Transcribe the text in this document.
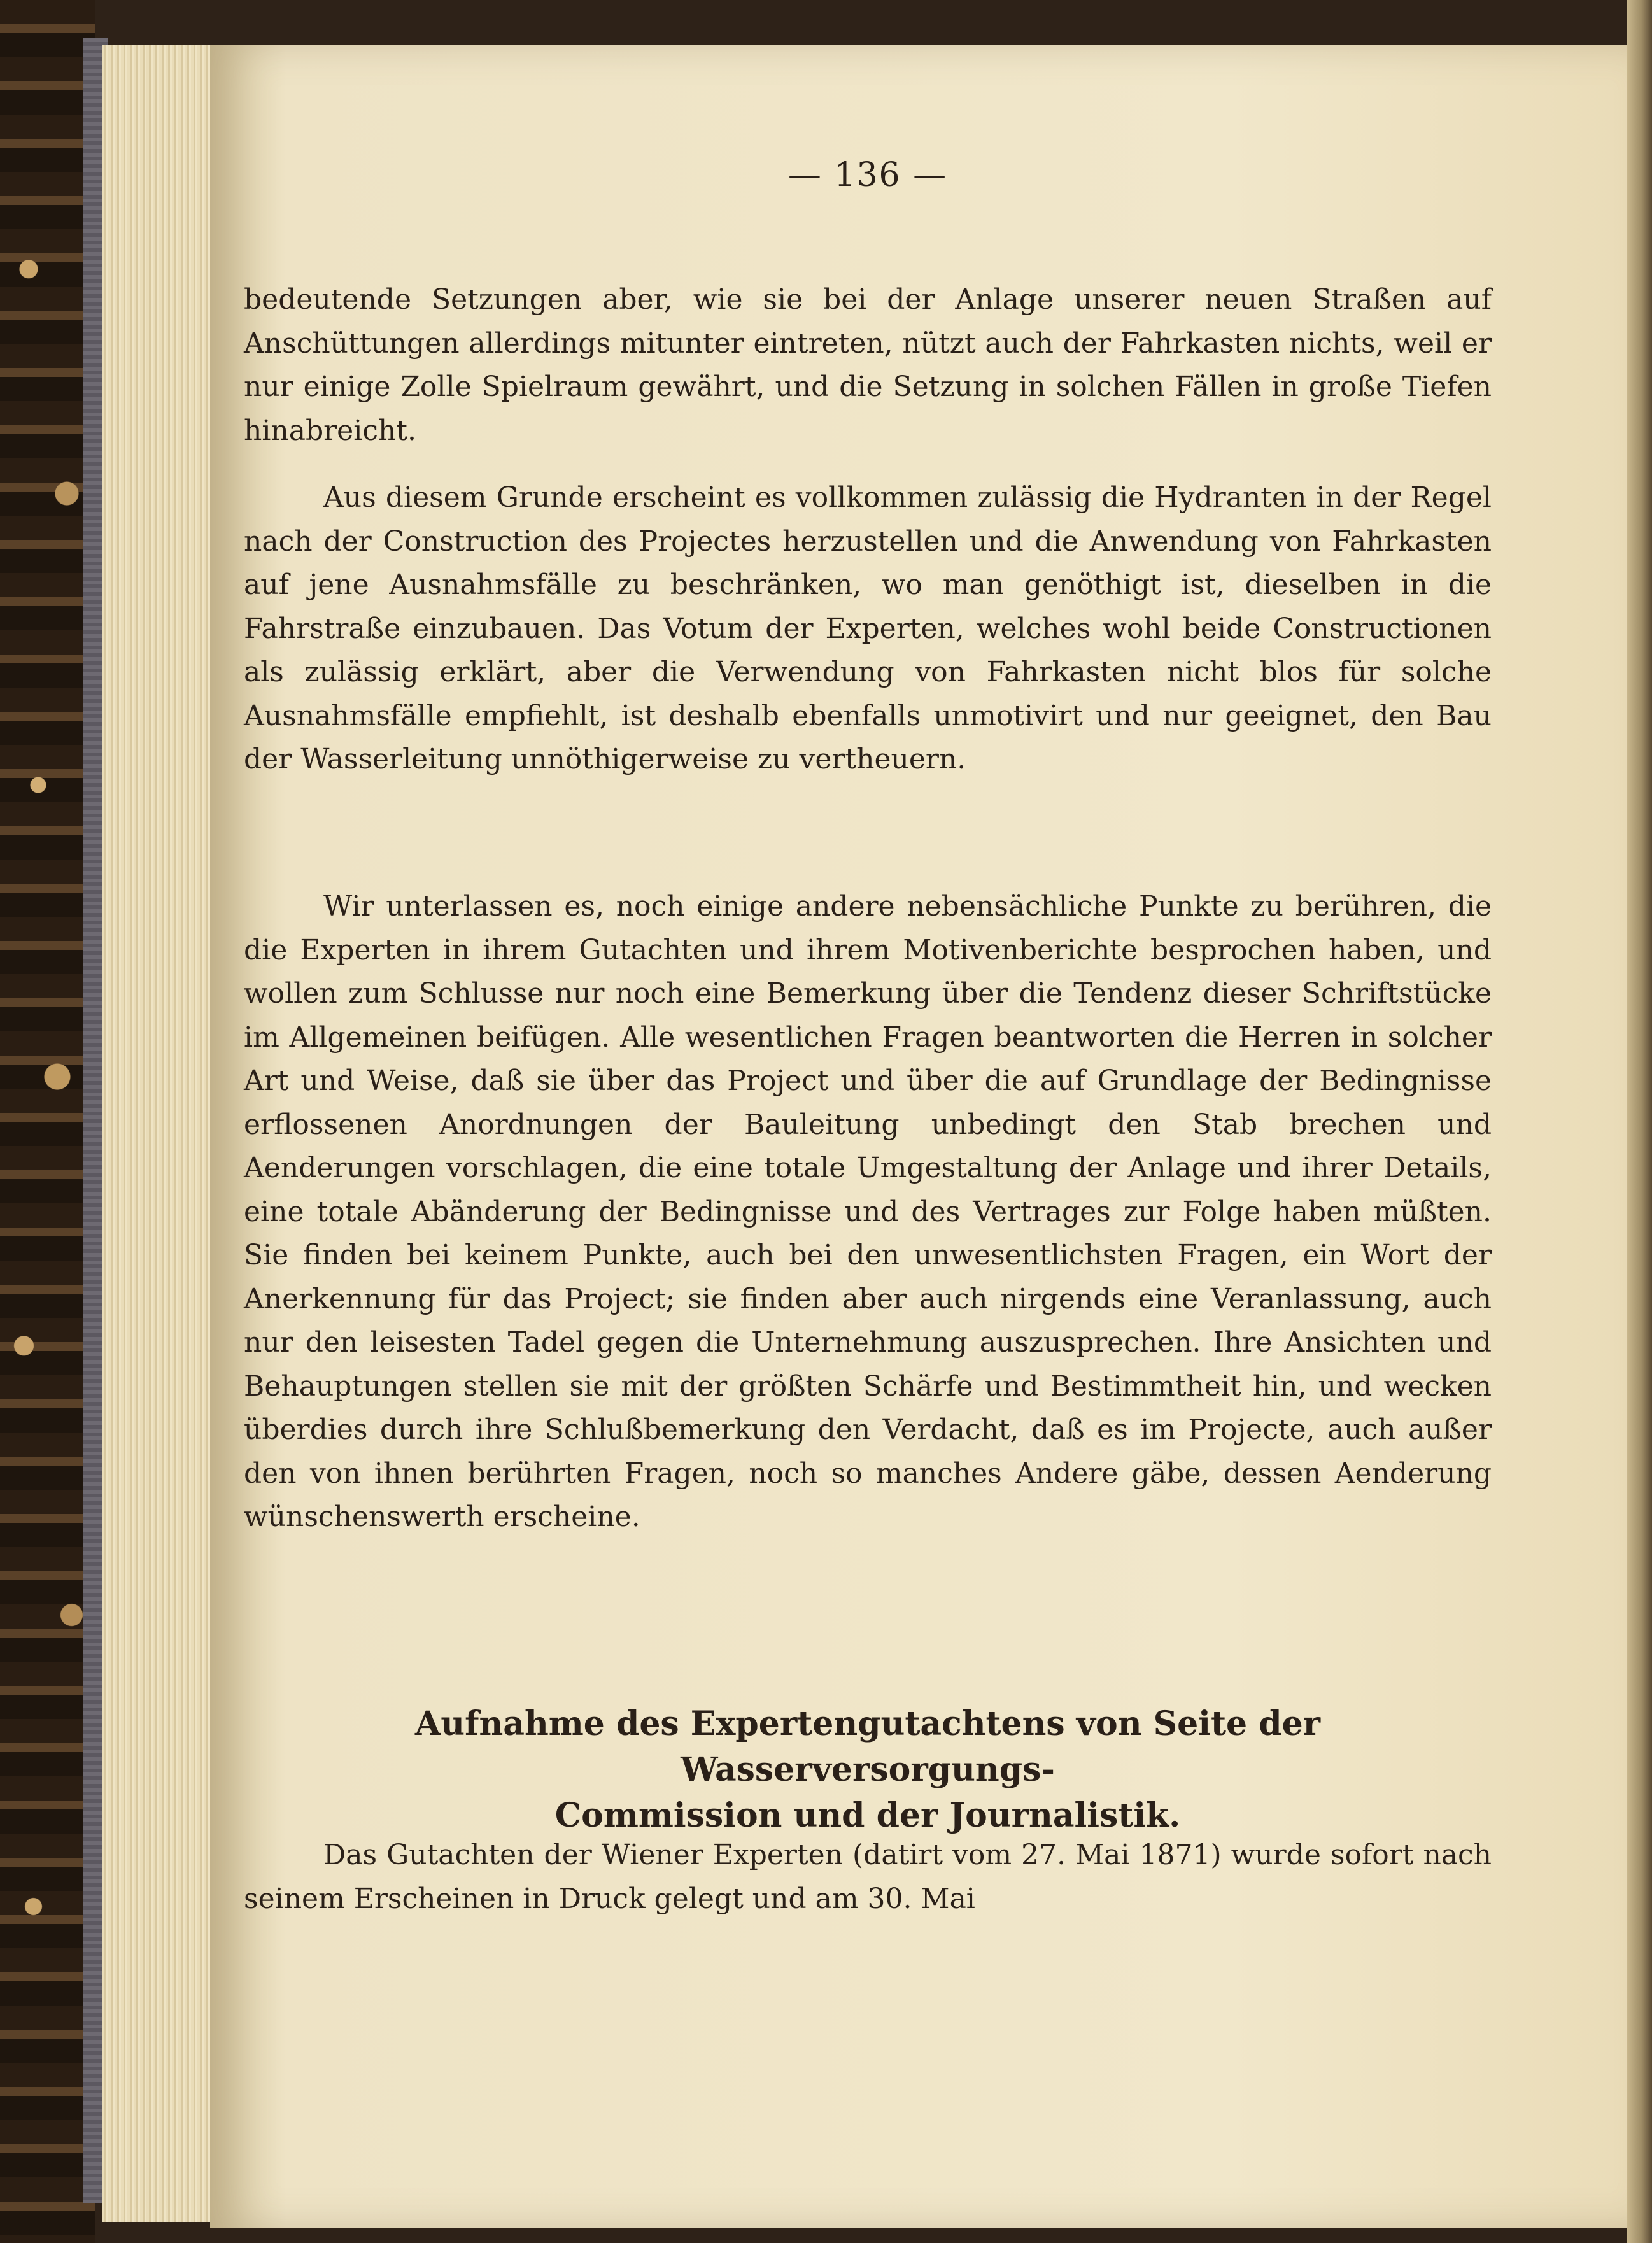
— 136 —

bedeutende Setzungen aber, wie sie bei der Anlage unserer neuen Straßen auf Anschüttungen allerdings mitunter eintreten, nützt auch der Fahrkasten nichts, weil er nur einige Zolle Spielraum gewährt, und die Setzung in solchen Fällen in große Tiefen hinabreicht.

Aus diesem Grunde erscheint es vollkommen zulässig die Hydranten in der Regel nach der Construction des Projectes herzustellen und die Anwendung von Fahrkasten auf jene Ausnahmsfälle zu beschränken, wo man genöthigt ist, dieselben in die Fahrstraße einzubauen. Das Votum der Experten, welches wohl beide Constructionen als zulässig erklärt, aber die Verwendung von Fahrkasten nicht blos für solche Ausnahmsfälle empfiehlt, ist deshalb ebenfalls unmotivirt und nur geeignet, den Bau der Wasserleitung unnöthigerweise zu vertheuern.

Wir unterlassen es, noch einige andere nebensächliche Punkte zu berühren, die die Experten in ihrem Gutachten und ihrem Motivenberichte besprochen haben, und wollen zum Schlusse nur noch eine Bemerkung über die Tendenz dieser Schriftstücke im Allgemeinen beifügen. Alle wesentlichen Fragen beantworten die Herren in solcher Art und Weise, daß sie über das Project und über die auf Grundlage der Bedingnisse erflossenen Anordnungen der Bauleitung unbedingt den Stab brechen und Aenderungen vorschlagen, die eine totale Umgestaltung der Anlage und ihrer Details, eine totale Abänderung der Bedingnisse und des Vertrages zur Folge haben müßten. Sie finden bei keinem Punkte, auch bei den unwesentlichsten Fragen, ein Wort der Anerkennung für das Project; sie finden aber auch nirgends eine Veranlassung, auch nur den leisesten Tadel gegen die Unternehmung auszusprechen. Ihre Ansichten und Behauptungen stellen sie mit der größten Schärfe und Bestimmtheit hin, und wecken überdies durch ihre Schlußbemerkung den Verdacht, daß es im Projecte, auch außer den von ihnen berührten Fragen, noch so manches Andere gäbe, dessen Aenderung wünschenswerth erscheine.

Aufnahme des Expertengutachtens von Seite der Wasserversorgungs-
Commission und der Journalistik.

Das Gutachten der Wiener Experten (datirt vom 27. Mai 1871) wurde sofort nach seinem Erscheinen in Druck gelegt und am 30. Mai
